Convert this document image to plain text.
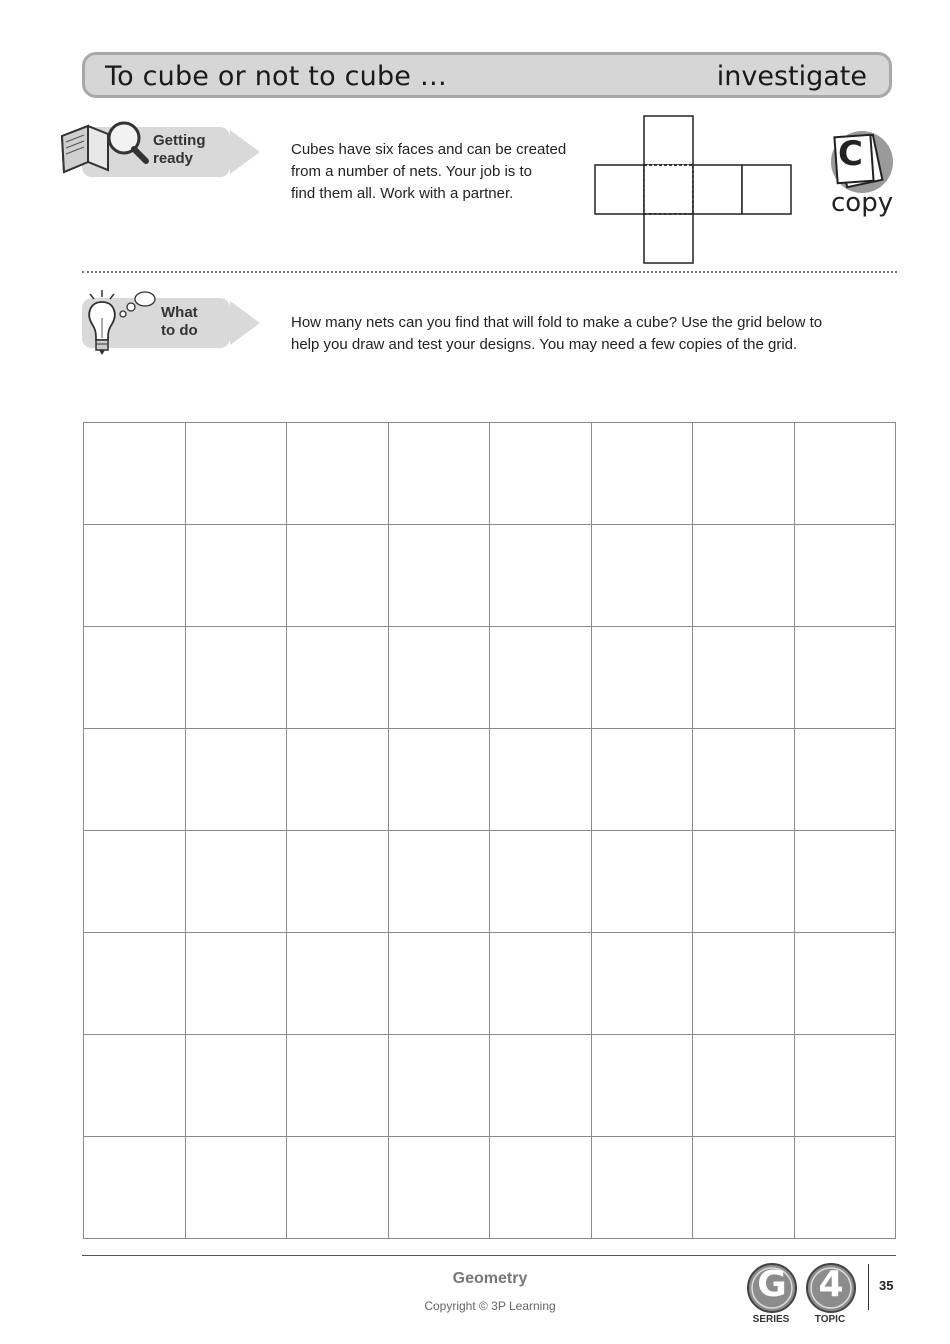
To cube or not to cube …	investigate
Getting
ready
Cubes have six faces and can be created
from a number of nets. Your job is to
find them all. Work with a partner.
C
copy
What
to do	How many nets can you find that will fold to make a cube? Use the grid below to
help you draw and test your designs. You may need a few copies of the grid.

Geometry
Copyright © 3P Learning
G
SERIES
4
TOPIC
35
